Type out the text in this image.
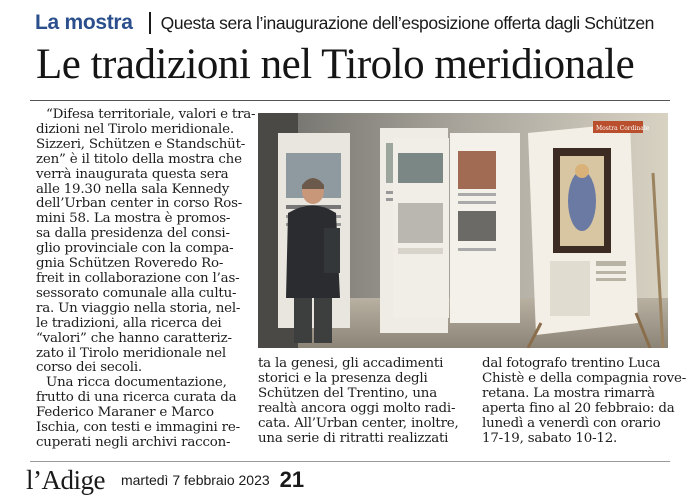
La mostra Questa sera l’inaugurazione dell’esposizione offerta dagli Schützen
Le tradizioni nel Tirolo meridionale
“Difesa territoriale, valori e tra-
dizioni nel Tirolo meridionale.
Sizzeri, Schützen e Standschüt-
zen” è il titolo della mostra che
verrà inaugurata questa sera
alle 19.30 nella sala Kennedy
dell’Urban center in corso Ros-
mini 58. La mostra è promos-
sa dalla presidenza del consi-
glio provinciale con la compa-
gnia Schützen Roveredo Ro-
freit in collaborazione con l’as-
sessorato comunale alla cultu-
ra. Un viaggio nella storia, nel-
le tradizioni, alla ricerca dei
“valori” che hanno caratteriz-
zato il Tirolo meridionale nel
corso dei secoli.
Una ricca documentazione,
frutto di una ricerca curata da
Federico Maraner e Marco
Ischia, con testi e immagini re-
cuperati negli archivi raccon-
Mostra Cordinale
ta la genesi, gli accadimenti
storici e la presenza degli
Schützen del Trentino, una
realtà ancora oggi molto radi-
cata. All’Urban center, inoltre,
una serie di ritratti realizzati
dal fotografo trentino Luca
Chistè e della compagnia rove-
retana. La mostra rimarrà
aperta fino al 20 febbraio: da
lunedì a venerdì con orario
17-19, sabato 10-12.
l’Adige martedì 7 febbraio 2023 21
